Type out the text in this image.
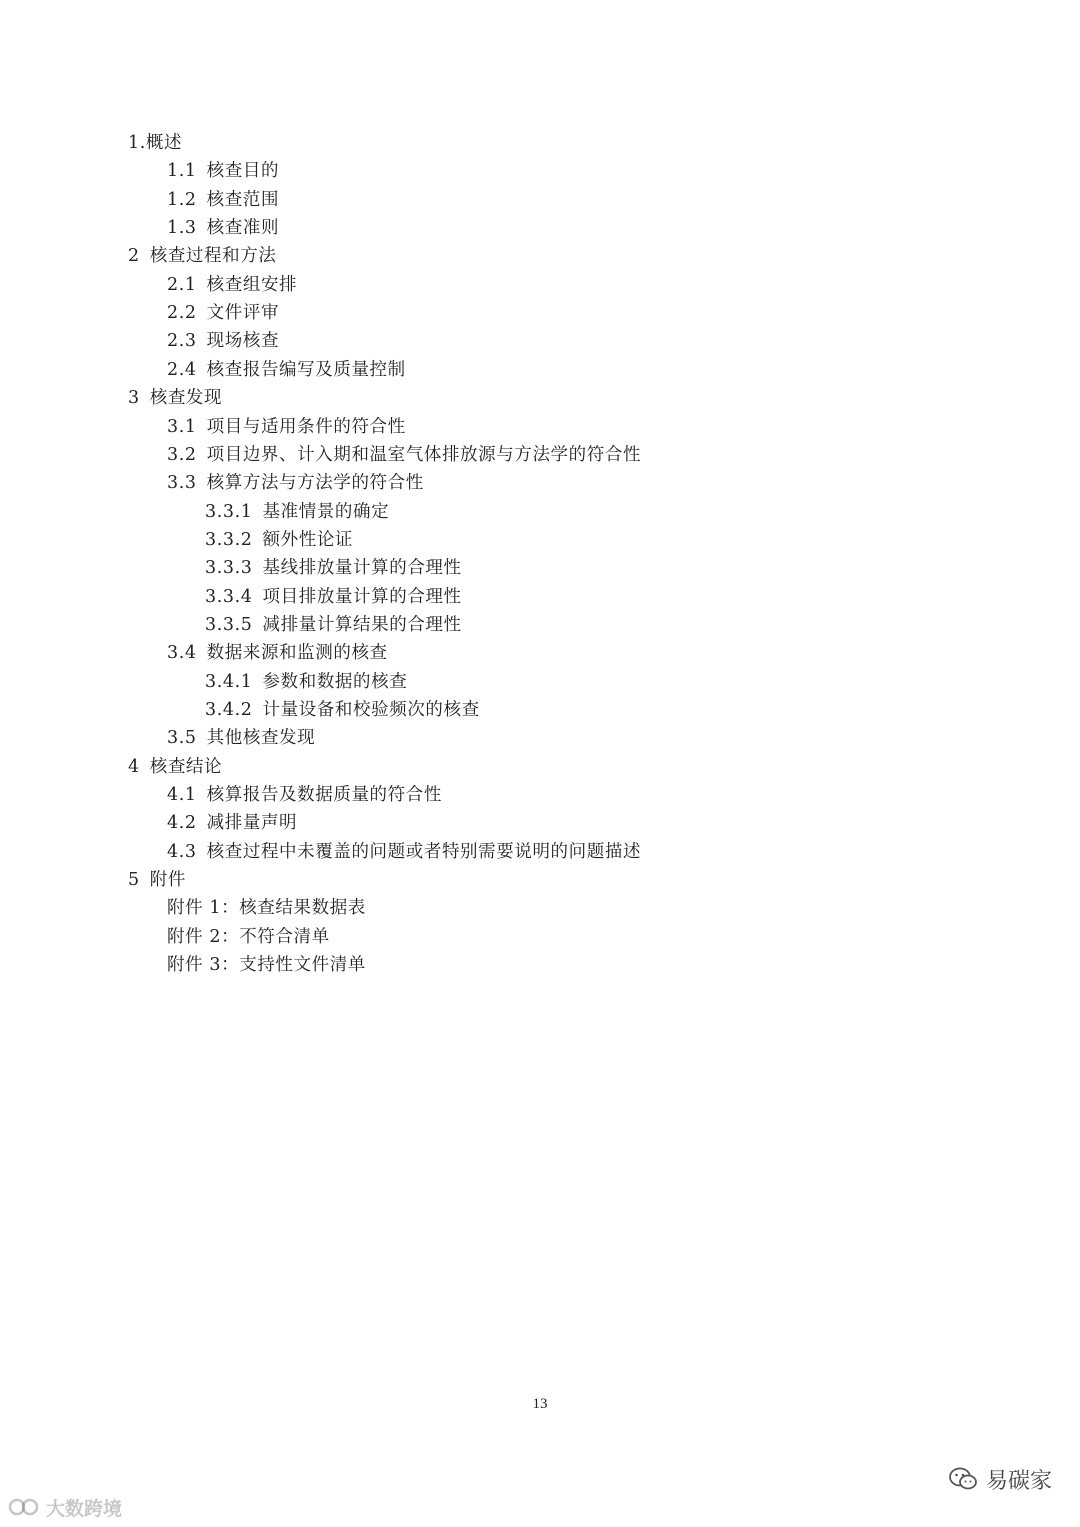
1.概述
1.1 核查目的
1.2 核查范围
1.3 核查准则
2 核查过程和方法
2.1 核查组安排
2.2 文件评审
2.3 现场核查
2.4 核查报告编写及质量控制
3 核查发现
3.1 项目与适用条件的符合性
3.2 项目边界、计入期和温室气体排放源与方法学的符合性
3.3 核算方法与方法学的符合性
3.3.1 基准情景的确定
3.3.2 额外性论证
3.3.3 基线排放量计算的合理性
3.3.4 项目排放量计算的合理性
3.3.5 减排量计算结果的合理性
3.4 数据来源和监测的核查
3.4.1 参数和数据的核查
3.4.2 计量设备和校验频次的核查
3.5 其他核查发现
4 核查结论
4.1 核算报告及数据质量的符合性
4.2 减排量声明
4.3 核查过程中未覆盖的问题或者特别需要说明的问题描述
5 附件
附件 1：核查结果数据表
附件 2：不符合清单
附件 3：支持性文件清单
13
大数跨境
易碳家
